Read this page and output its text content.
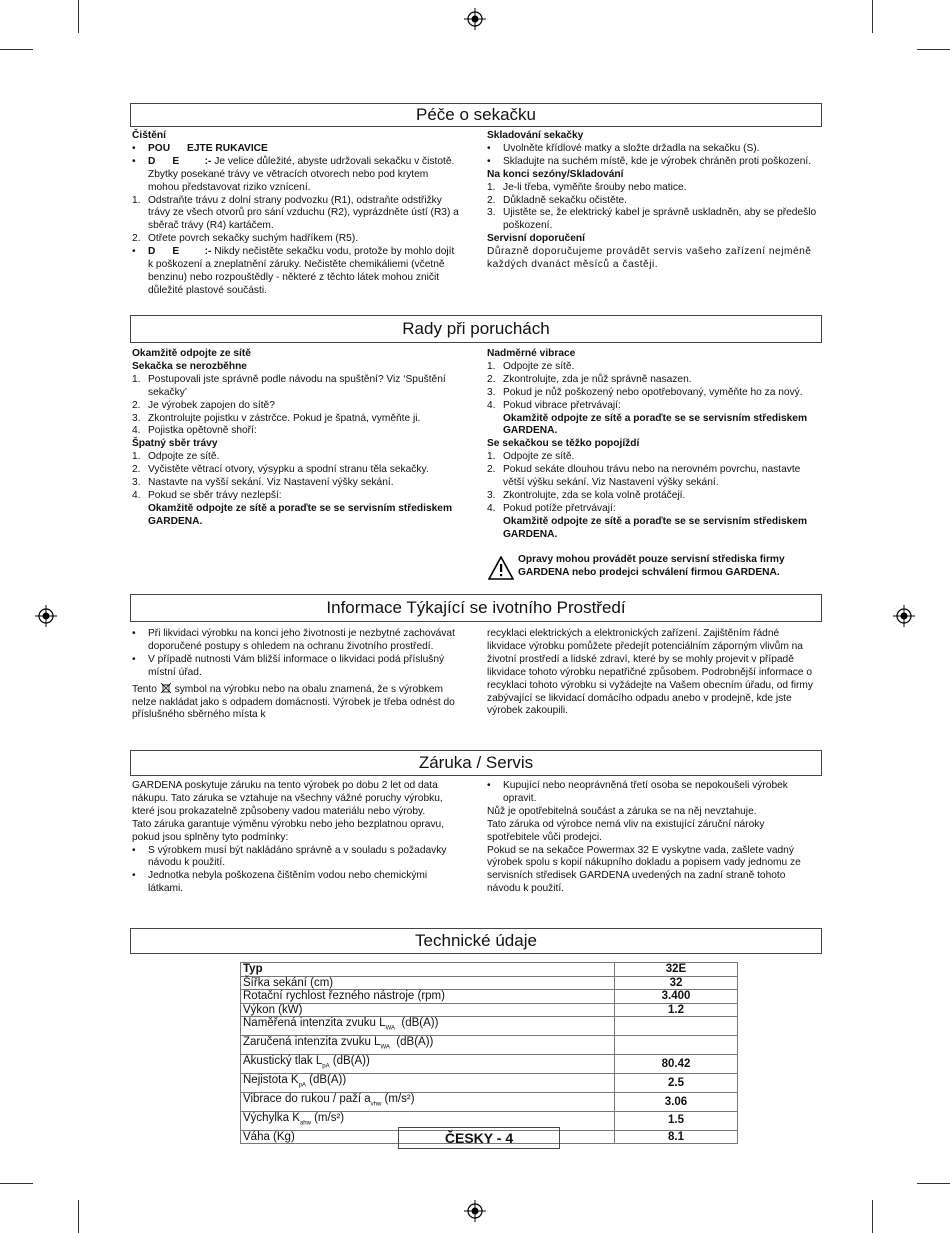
Péče o sekačku

Čištění

• POU      EJTE RUKAVICE
• D      E         :- Je velice důležité, abyste udržovali sekačku v čistotě. Zbytky posekané trávy ve větracích otvorech nebo pod krytem mohou představovat riziko vznícení.
1. Odstraňte trávu z dolní strany podvozku (R1), odstraňte odstřižky trávy ze všech otvorů pro sání vzduchu (R2), vyprázdněte ústí (R3) a sběrač trávy (R4) kartáčem.
2. Otřete povrch sekačky suchým hadříkem (R5).
• D      E         :- Nikdy nečistěte sekačku vodu, protože by mohlo dojít k poškození a zneplatnění záruky. Nečistěte chemikáliemi (včetně benzinu) nebo rozpouštědly - některé z těchto látek mohou zničit důležité plastové součásti.

Skladování sekačky

• Uvolněte křídlové matky a složte držadla na sekačku (S).
• Skladujte na suchém místě, kde je výrobek chráněn proti poškození.

Na konci sezóny/Skladování

1. Je-li třeba, vyměňte šrouby nebo matice.
2. Důkladně sekačku očistěte.
3. Ujistěte se, že elektrický kabel je správně uskladněn, aby se předešlo poškození.

Servisní doporučení

Důrazně doporučujeme provádět servis vašeho zařízení nejméně každých dvanáct měsíců a častěji.

Rady při poruchách

Okamžitě odpojte ze sítě

Sekačka se nerozběhne

1. Postupovali jste správně podle návodu na spuštění? Viz ‘Spuštění sekačky’
2. Je výrobek zapojen do sítě?
3. Zkontrolujte pojistku v zástrčce. Pokud je špatná, vyměňte ji.
4. Pojistka opětovně shoří:

Špatný sběr trávy

1. Odpojte ze sítě.
2. Vyčistěte větrací otvory, výsypku a spodní stranu těla sekačky.
3. Nastavte na vyšší sekání. Viz Nastavení výšky sekání.
4. Pokud se sběr trávy nezlepší:

Okamžitě odpojte ze sítě a poraďte se se servisním střediskem GARDENA.

Nadměrné vibrace

1. Odpojte ze sítě.
2. Zkontrolujte, zda je nůž správně nasazen.
3. Pokud je nůž poškozený nebo opotřebovaný, vyměňte ho za nový.
4. Pokud vibrace přetrvávají:

Okamžitě odpojte ze sítě a poraďte se se servisním střediskem GARDENA.

Se sekačkou se těžko popojíždí

1. Odpojte ze sítě.
2. Pokud sekáte dlouhou trávu nebo na nerovném povrchu, nastavte větší výšku sekání. Viz Nastavení výšky sekání.
3. Zkontrolujte, zda se kola volně protáčejí.
4. Pokud potíže přetrvávají:

Okamžitě odpojte ze sítě a poraďte se se servisním střediskem GARDENA.

Opravy mohou provádět pouze servisní střediska firmy GARDENA nebo prodejci schválení firmou GARDENA.
Informace Týkající se ivotního Prostředí
• Při likvidaci výrobku na konci jeho životnosti je nezbytné zachovávat doporučené postupy s ohledem na ochranu životního prostředí.
• V případě nutnosti Vám bližší informace o likvidaci podá příslušný místní úřad.

Tento symbol na výrobku nebo na obalu znamená, že s výrobkem nelze nakládat jako s odpadem domácnosti. Výrobek je třeba odnést do příslušného sběrného místa k

recyklaci elektrických a elektronických zařízení. Zajištěním řádné likvidace výrobku pomůžete předejít potenciálním záporným vlivům na životní prostředí a lidské zdraví, které by se mohly projevit v případě likvidace tohoto výrobku nepatřičné způsobem. Podrobnější informace o recyklaci tohoto výrobku si vyžádejte na Vašem obecním úřadu, od firmy zabývající se likvidací domácího odpadu anebo v prodejně, kde jste výrobek zakoupili.

Záruka / Servis

GARDENA poskytuje záruku na tento výrobek po dobu 2 let od data nákupu. Tato záruka se vztahuje na všechny vážné poruchy výrobku, které jsou prokazatelně způsobeny vadou materiálu nebo výroby.

Tato záruka garantuje výměnu výrobku nebo jeho bezplatnou opravu, pokud jsou splněny tyto podmínky:

• S výrobkem musí být nakládáno správně a v souladu s požadavky návodu k použití.
• Jednotka nebyla poškozena čištěním vodou nebo chemickými látkami.
• Kupující nebo neoprávněná třetí osoba se nepokoušeli výrobek opravit.

Nůž je opotřebitelná součást a záruka se na něj nevztahuje.

Tato záruka od výrobce nemá vliv na existující záruční nároky spotřebitele vůči prodejci.

Pokud se na sekačce Powermax 32 E vyskytne vada, zašlete vadný výrobek spolu s kopií nákupního dokladu a popisem vady jednomu ze servisních středisek GARDENA uvedených na zadní straně tohoto návodu k použití.

Technické údaje
Typ	32E
Šířka sekání (cm)	32
Rotační rychlost řezného nástroje (rpm)	3.400
Výkon (kW)	1.2
Naměřená intenzita zvuku $L_{WA}$  (dB(A))	
Zaručená intenzita zvuku $L_{WA}$  (dB(A))	
Akustický tlak $L_{pA}$ (dB(A))	80.42
Nejistota $K_{pA}$ (dB(A))	2.5
Vibrace do rukou / paží $a_{vhw}$ (m/s²)	3.06
Výchylka $K_{ahw}$ (m/s²)	1.5
Váha (Kg)	8.1
ČESKY - 4
